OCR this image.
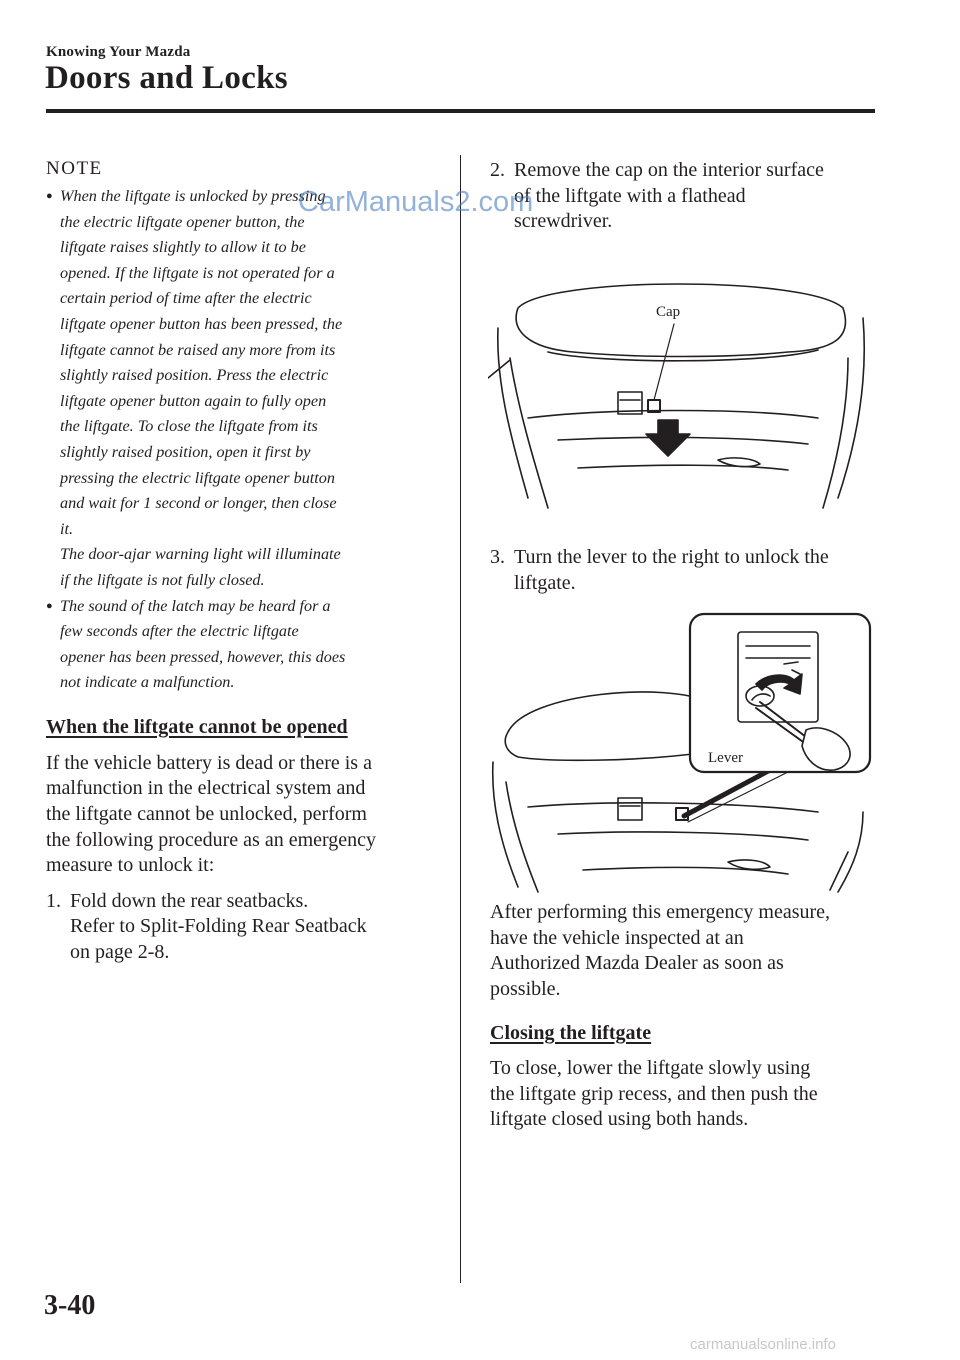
Knowing Your Mazda
Doors and Locks
NOTE
● When the liftgate is unlocked by pressing
the electric liftgate opener button, the
liftgate raises slightly to allow it to be
opened. If the liftgate is not operated for a
certain period of time after the electric
liftgate opener button has been pressed, the
liftgate cannot be raised any more from its
slightly raised position. Press the electric
liftgate opener button again to fully open
the liftgate. To close the liftgate from its
slightly raised position, open it first by
pressing the electric liftgate opener button
and wait for 1 second or longer, then close
it.
The door-ajar warning light will illuminate
if the liftgate is not fully closed.
● The sound of the latch may be heard for a
few seconds after the electric liftgate
opener has been pressed, however, this does
not indicate a malfunction.
When the liftgate cannot be opened
If the vehicle battery is dead or there is a
malfunction in the electrical system and
the liftgate cannot be unlocked, perform
the following procedure as an emergency
measure to unlock it:
1. Fold down the rear seatbacks.
Refer to Split-Folding Rear Seatback
on page 2-8.
2. Remove the cap on the interior surface
of the liftgate with a flathead
screwdriver.
Cap
3. Turn the lever to the right to unlock the
liftgate.
Lever
After performing this emergency measure,
have the vehicle inspected at an
Authorized Mazda Dealer as soon as
possible.
Closing the liftgate
To close, lower the liftgate slowly using
the liftgate grip recess, and then push the
liftgate closed using both hands.
3-40
CarManuals2.com
carmanualsonline.info
